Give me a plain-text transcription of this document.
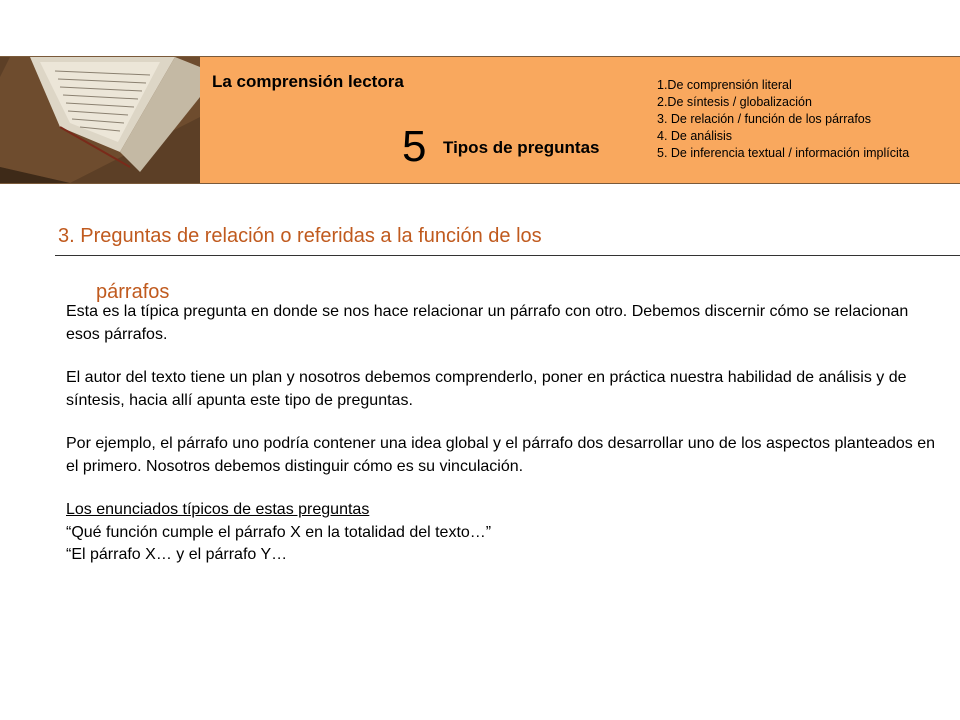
La comprensión lectora
5 Tipos de preguntas
1.De comprensión literal
2.De síntesis / globalización
3. De relación / función de los párrafos
4. De análisis
5. De inferencia textual / información implícita
3. Preguntas de relación o referidas a la función de los
párrafos

Esta es la típica pregunta en donde se nos hace relacionar un párrafo con otro. Debemos discernir cómo se relacionan esos párrafos.

El autor del texto tiene un plan y nosotros debemos comprenderlo, poner en práctica nuestra habilidad de análisis y de síntesis, hacia allí apunta este tipo de preguntas.

Por ejemplo, el párrafo uno podría contener una idea global y el párrafo dos desarrollar uno de los aspectos planteados en el primero. Nosotros debemos distinguir cómo es su vinculación.

Los enunciados típicos de estas preguntas
“Qué función cumple el párrafo X en la totalidad del texto…”
“El párrafo X… y el párrafo Y…
